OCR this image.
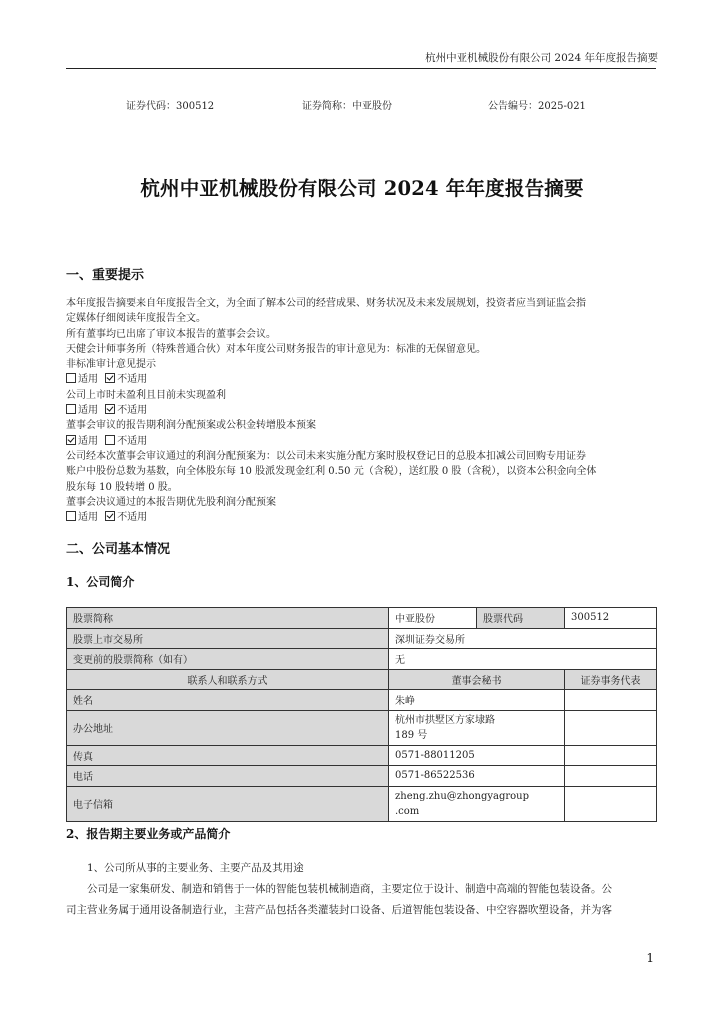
杭州中亚机械股份有限公司 2024 年年度报告摘要
证券代码：300512	证券简称：中亚股份	公告编号：2025-021
杭州中亚机械股份有限公司 2024 年年度报告摘要
一、重要提示
本年度报告摘要来自年度报告全文，为全面了解本公司的经营成果、财务状况及未来发展规划，投资者应当到证监会指
定媒体仔细阅读年度报告全文。
所有董事均已出席了审议本报告的董事会会议。
天健会计师事务所（特殊普通合伙）对本年度公司财务报告的审计意见为：标准的无保留意见。
非标准审计意见提示
适用 不适用
公司上市时未盈利且目前未实现盈利
适用 不适用
董事会审议的报告期利润分配预案或公积金转增股本预案
适用 不适用
公司经本次董事会审议通过的利润分配预案为：以公司未来实施分配方案时股权登记日的总股本扣减公司回购专用证券
账户中股份总数为基数，向全体股东每 10 股派发现金红利 0.50 元（含税），送红股 0 股（含税），以资本公积金向全体
股东每 10 股转增 0 股。
董事会决议通过的本报告期优先股利润分配预案
适用 不适用
二、公司基本情况
1、公司简介
股票简称	中亚股份	股票代码	300512
股票上市交易所	深圳证券交易所		
变更前的股票简称（如有）	无		
联系人和联系方式	董事会秘书		证券事务代表
姓名	朱峥		
办公地址	杭州市拱墅区方家埭路
189 号		

传真	0571-88011205		
电话	0571-86522536		
电子信箱	zheng.zhu@zhongyagroup
.com		

2、报告期主要业务或产品简介
1、公司所从事的主要业务、主要产品及其用途
公司是一家集研发、制造和销售于一体的智能包装机械制造商，主要定位于设计、制造中高端的智能包装设备。公
司主营业务属于通用设备制造行业，主营产品包括各类灌装封口设备、后道智能包装设备、中空容器吹塑设备，并为客
1
